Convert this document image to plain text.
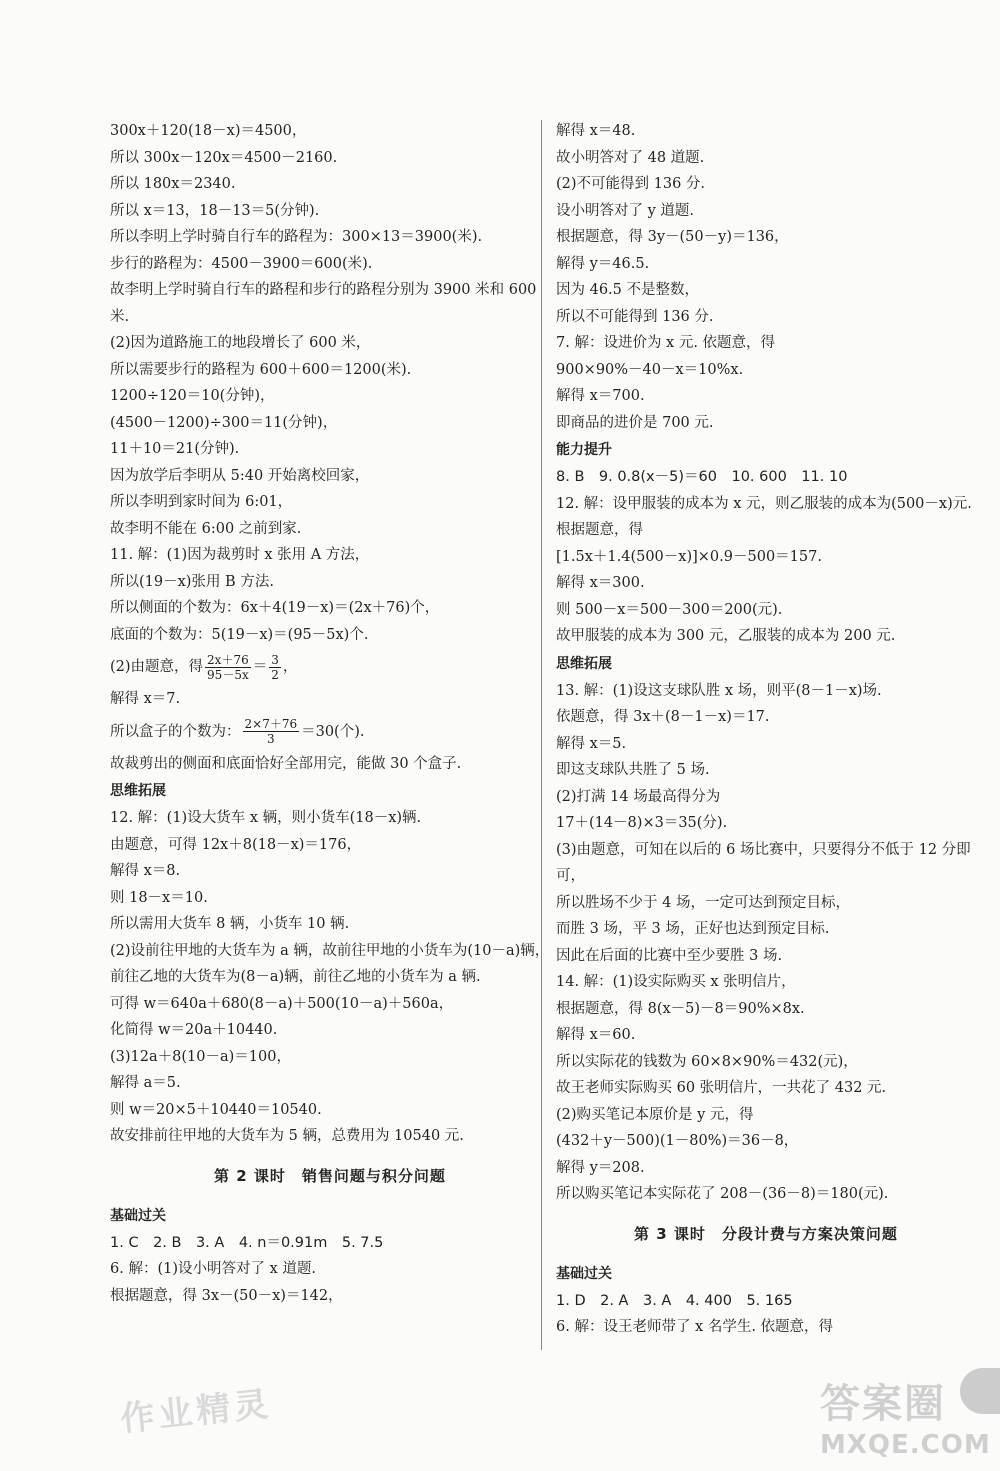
300x＋120(18－x)＝4500，
所以 300x－120x＝4500－2160.
所以 180x＝2340.
所以 x＝13，18－13＝5(分钟).
所以李明上学时骑自行车的路程为：300×13＝3900(米).
步行的路程为：4500－3900＝600(米).
故李明上学时骑自行车的路程和步行的路程分别为 3900 米和 600 米.
(2)因为道路施工的地段增长了 600 米，
所以需要步行的路程为 600＋600＝1200(米).
1200÷120＝10(分钟)，
(4500－1200)÷300＝11(分钟)，
11＋10＝21(分钟).
因为放学后李明从 5:40 开始离校回家，
所以李明到家时间为 6:01，
故李明不能在 6:00 之前到家.
11. 解：(1)因为裁剪时 x 张用 A 方法，
所以(19－x)张用 B 方法.
所以侧面的个数为：6x＋4(19－x)＝(2x＋76)个，
底面的个数为：5(19－x)＝(95－5x)个.
(2)由题意，得 $\frac{2x+76}{95-5x} = \frac{3}{2}$ ，
解得 x＝7.
所以盒子的个数为： $\frac{2\times 7+76}{3} =30$(个).
故裁剪出的侧面和底面恰好全部用完，能做 30 个盒子.
思维拓展
12. 解：(1)设大货车 x 辆，则小货车(18－x)辆.
由题意，可得 12x＋8(18－x)＝176，
解得 x＝8.
则 18－x＝10.
所以需用大货车 8 辆，小货车 10 辆.
(2)设前往甲地的大货车为 a 辆，故前往甲地的小货车为(10－a)辆，前往乙地的大货车为(8－a)辆，前往乙地的小货车为 a 辆.
可得 w＝640a＋680(8－a)＋500(10－a)＋560a，
化简得 w＝20a＋10440.
(3)12a＋8(10－a)＝100，
解得 a＝5.
则 w＝20×5＋10440＝10540.
故安排前往甲地的大货车为 5 辆，总费用为 10540 元.
第 2 课时　销售问题与积分问题
基础过关
1. C　2. B　3. A　4. n＝0.91m　5. 7.5
6. 解：(1)设小明答对了 x 道题.
根据题意，得 3x－(50－x)＝142，
解得 x＝48.
故小明答对了 48 道题.
(2)不可能得到 136 分.
设小明答对了 y 道题.
根据题意，得 3y－(50－y)＝136，
解得 y＝46.5.
因为 46.5 不是整数，
所以不可能得到 136 分.
7. 解：设进价为 x 元. 依题意，得
900×90%－40－x＝10%x.
解得 x＝700.
即商品的进价是 700 元.
能力提升
8. B　9. 0.8(x－5)＝60　10. 600　11. 10
12. 解：设甲服装的成本为 x 元，则乙服装的成本为(500－x)元. 根据题意，得
[1.5x＋1.4(500－x)]×0.9－500＝157.
解得 x＝300.
则 500－x＝500－300＝200(元).
故甲服装的成本为 300 元，乙服装的成本为 200 元.
思维拓展
13. 解：(1)设这支球队胜 x 场，则平(8－1－x)场.
依题意，得 3x＋(8－1－x)＝17.
解得 x＝5.
即这支球队共胜了 5 场.
(2)打满 14 场最高得分为
17＋(14－8)×3＝35(分).
(3)由题意，可知在以后的 6 场比赛中，只要得分不低于 12 分即可，
所以胜场不少于 4 场，一定可达到预定目标，
而胜 3 场，平 3 场，正好也达到预定目标.
因此在后面的比赛中至少要胜 3 场.
14. 解：(1)设实际购买 x 张明信片，
根据题意，得 8(x－5)－8＝90%×8x.
解得 x＝60.
所以实际花的钱数为 60×8×90%＝432(元)，
故王老师实际购买 60 张明信片，一共花了 432 元.
(2)购买笔记本原价是 y 元，得
(432＋y－500)(1－80%)＝36－8，
解得 y＝208.
所以购买笔记本实际花了 208－(36－8)＝180(元).
第 3 课时　分段计费与方案决策问题
基础过关
1. D　2. A　3. A　4. 400　5. 165
6. 解：设王老师带了 x 名学生. 依题意，得
作业精灵	答案圈
MXQE.COM
